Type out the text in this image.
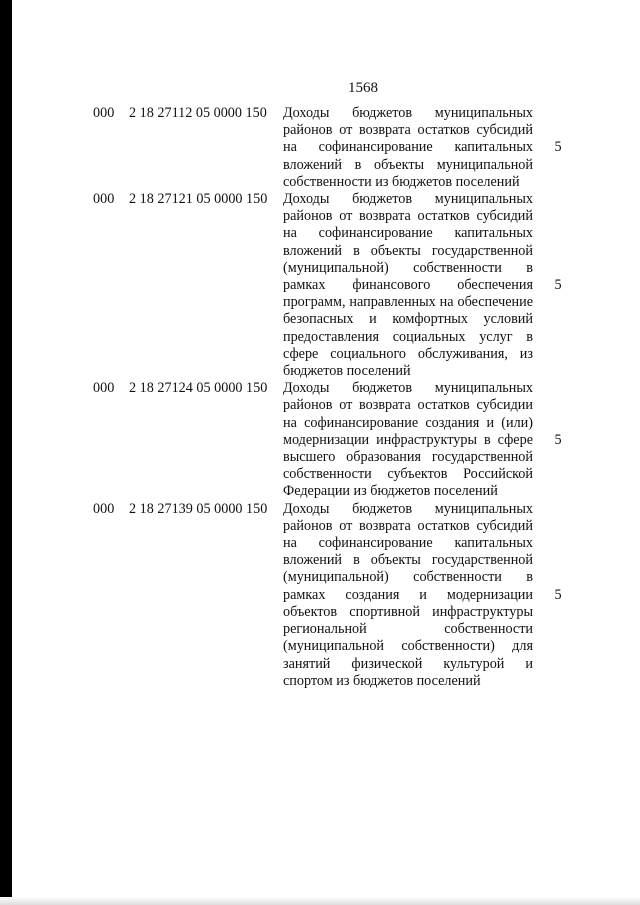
1568
000	2 18 27112 05 0000 150	Доходы бюджетов муниципальных
районов от возврата остатков субсидий
на софинансирование капитальных
вложений в объекты муниципальной
собственности из бюджетов поселений
5
000	2 18 27121 05 0000 150	Доходы бюджетов муниципальных
районов от возврата остатков субсидий
на софинансирование капитальных
вложений в объекты государственной
(муниципальной) собственности в
рамках финансового обеспечения
программ, направленных на обеспечение
безопасных и комфортных условий
предоставления социальных услуг в
сфере социального обслуживания, из
бюджетов поселений
5
000	2 18 27124 05 0000 150	Доходы бюджетов муниципальных
районов от возврата остатков субсидии
на софинансирование создания и (или)
модернизации инфраструктуры в сфере
высшего образования государственной
собственности субъектов Российской
Федерации из бюджетов поселений
5
000	2 18 27139 05 0000 150	Доходы бюджетов муниципальных
районов от возврата остатков субсидий
на софинансирование капитальных
вложений в объекты государственной
(муниципальной) собственности в
рамках создания и модернизации
объектов спортивной инфраструктуры
региональной собственности
(муниципальной собственности) для
занятий физической культурой и
спортом из бюджетов поселений
5
